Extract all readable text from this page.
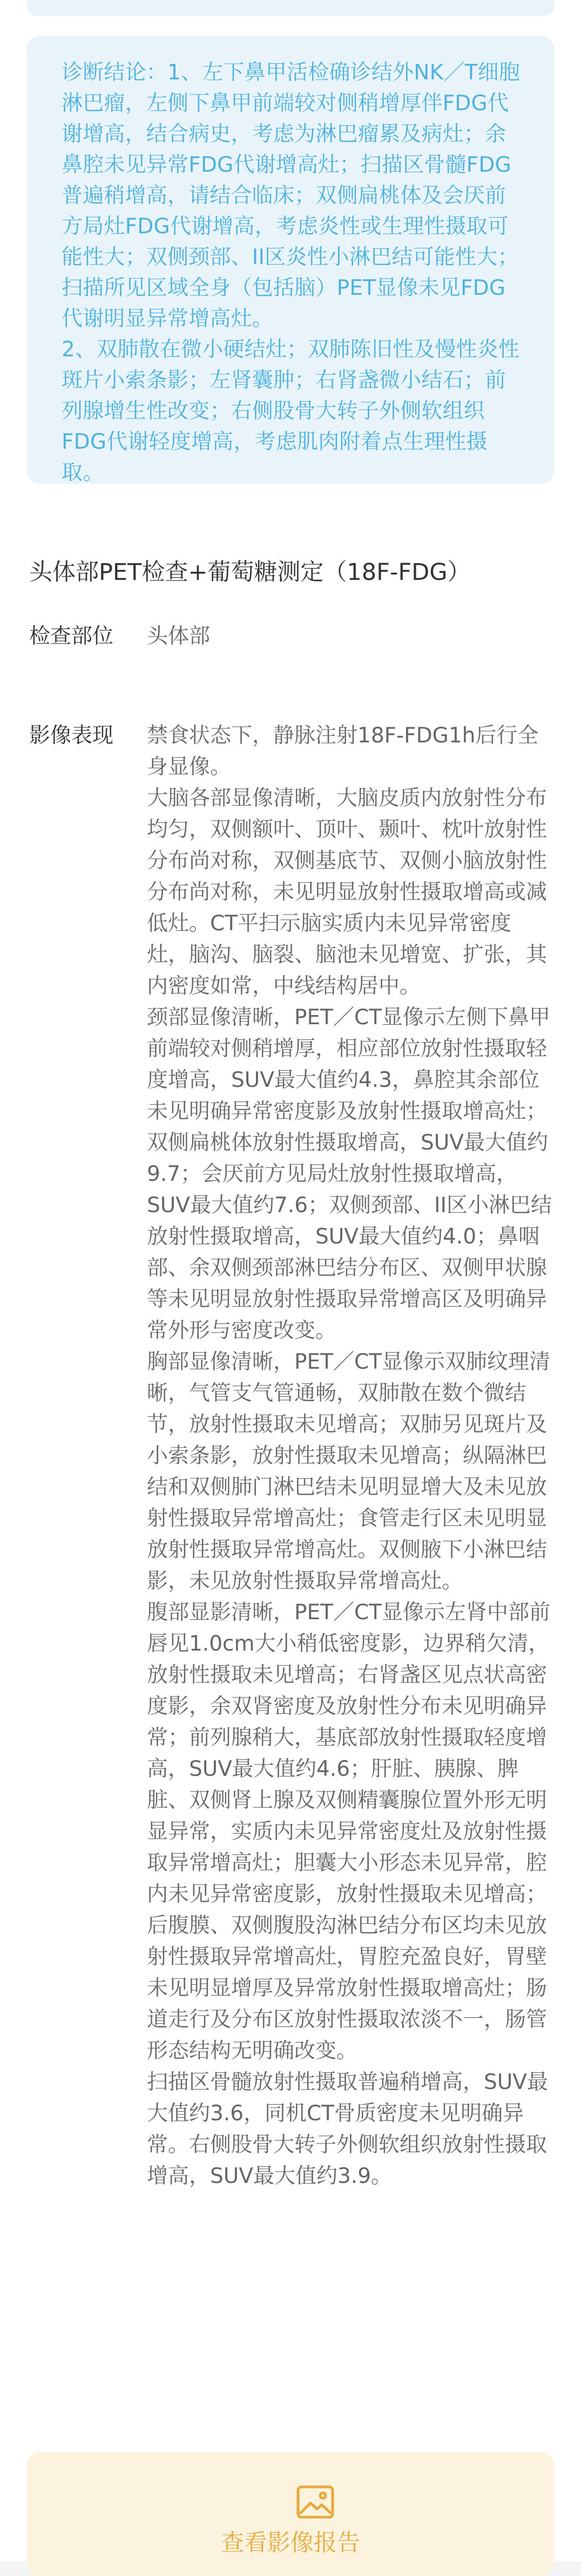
诊断结论：1、左下鼻甲活检确诊结外NK／T细胞淋巴瘤，左侧下鼻甲前端较对侧稍增厚伴FDG代谢增高，结合病史，考虑为淋巴瘤累及病灶；余鼻腔未见异常FDG代谢增高灶；扫描区骨髓FDG普遍稍增高，请结合临床；双侧扁桃体及会厌前方局灶FDG代谢增高，考虑炎性或生理性摄取可能性大；双侧颈部、II区炎性小淋巴结可能性大；扫描所见区域全身（包括脑）PET显像未见FDG代谢明显异常增高灶。

2、双肺散在微小硬结灶；双肺陈旧性及慢性炎性斑片小索条影；左肾囊肿；右肾盏微小结石；前列腺增生性改变；右侧股骨大转子外侧软组织FDG代谢轻度增高，考虑肌肉附着点生理性摄取。

头体部PET检查+葡萄糖测定（18F-FDG）
检查部位 头体部
影像表现 禁食状态下，静脉注射18F-FDG1h后行全身显像。

大脑各部显像清晰，大脑皮质内放射性分布均匀，双侧额叶、顶叶、颞叶、枕叶放射性分布尚对称，双侧基底节、双侧小脑放射性分布尚对称，未见明显放射性摄取增高或减低灶。CT平扫示脑实质内未见异常密度灶，脑沟、脑裂、脑池未见增宽、扩张，其内密度如常，中线结构居中。

颈部显像清晰，PET／CT显像示左侧下鼻甲前端较对侧稍增厚，相应部位放射性摄取轻度增高，SUV最大值约4.3，鼻腔其余部位未见明确异常密度影及放射性摄取增高灶；双侧扁桃体放射性摄取增高，SUV最大值约9.7；会厌前方见局灶放射性摄取增高，SUV最大值约7.6；双侧颈部、II区小淋巴结放射性摄取增高，SUV最大值约4.0；鼻咽部、余双侧颈部淋巴结分布区、双侧甲状腺等未见明显放射性摄取异常增高区及明确异常外形与密度改变。

胸部显像清晰，PET／CT显像示双肺纹理清晰，气管支气管通畅，双肺散在数个微结节，放射性摄取未见增高；双肺另见斑片及小索条影，放射性摄取未见增高；纵隔淋巴结和双侧肺门淋巴结未见明显增大及未见放射性摄取异常增高灶；食管走行区未见明显放射性摄取异常增高灶。双侧腋下小淋巴结影，未见放射性摄取异常增高灶。

腹部显影清晰，PET／CT显像示左肾中部前唇见1.0cm大小稍低密度影，边界稍欠清，放射性摄取未见增高；右肾盏区见点状高密度影，余双肾密度及放射性分布未见明确异常；前列腺稍大，基底部放射性摄取轻度增高，SUV最大值约4.6；肝脏、胰腺、脾脏、双侧肾上腺及双侧精囊腺位置外形无明显异常，实质内未见异常密度灶及放射性摄取异常增高灶；胆囊大小形态未见异常，腔内未见异常密度影，放射性摄取未见增高；后腹膜、双侧腹股沟淋巴结分布区均未见放射性摄取异常增高灶，胃腔充盈良好，胃壁未见明显增厚及异常放射性摄取增高灶；肠道走行及分布区放射性摄取浓淡不一，肠管形态结构无明确改变。

扫描区骨髓放射性摄取普遍稍增高，SUV最大值约3.6，同机CT骨质密度未见明确异常。右侧股骨大转子外侧软组织放射性摄取增高，SUV最大值约3.9。

查看影像报告
